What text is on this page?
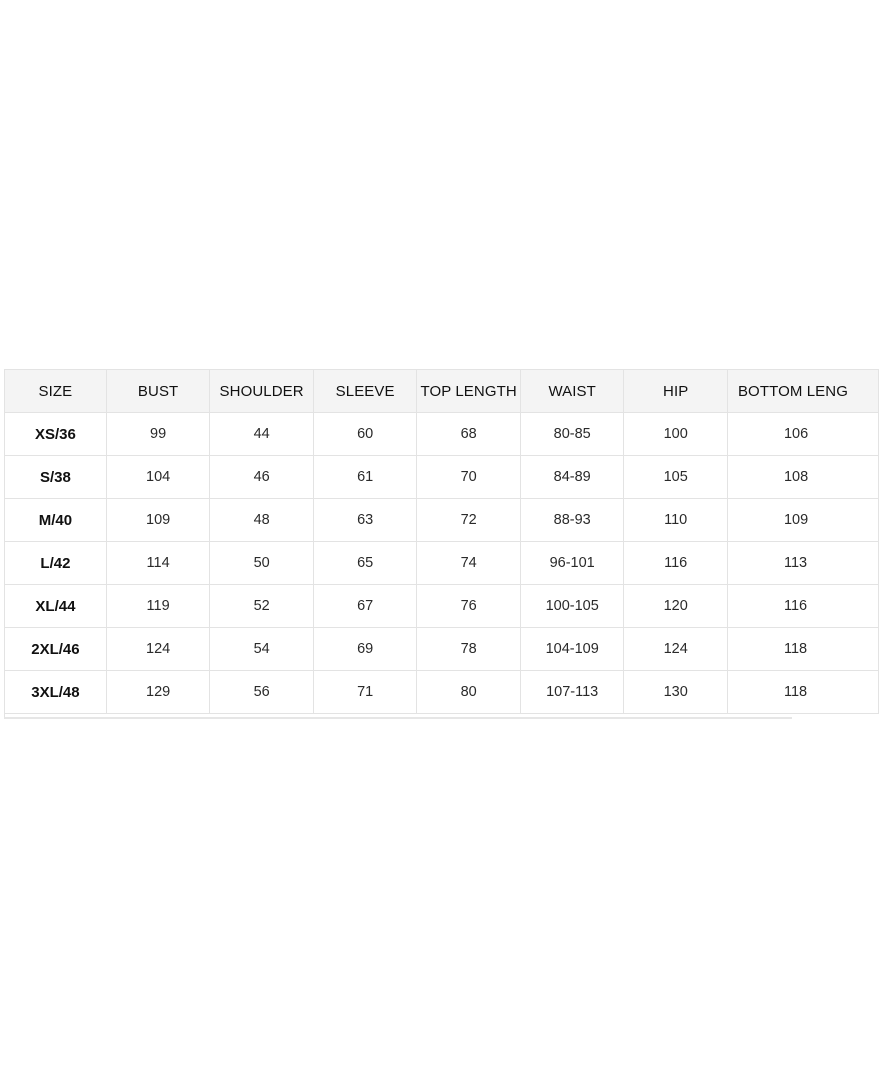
SIZE	BUST	SHOULDER	SLEEVE	TOP LENGTH	WAIST	HIP	BOTTOM LENG
XS/36	99	44	60	68	80-85	100	106
S/38	104	46	61	70	84-89	105	108
M/40	109	48	63	72	88-93	110	109
L/42	114	50	65	74	96-101	116	113
XL/44	119	52	67	76	100-105	120	116
2XL/46	124	54	69	78	104-109	124	118
3XL/48	129	56	71	80	107-113	130	118
